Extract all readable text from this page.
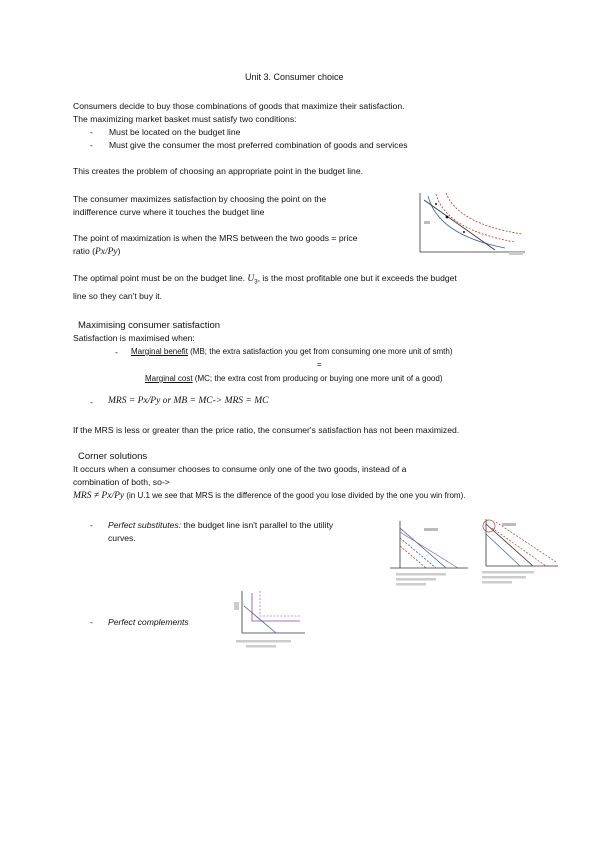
Unit 3. Consumer choice
Consumers decide to buy those combinations of goods that maximize their satisfaction.
The maximizing market basket must satisfy two conditions:
- Must be located on the budget line
- Must give the consumer the most preferred combination of goods and services
This creates the problem of choosing an appropriate point in the budget line.
The consumer maximizes satisfaction by choosing the point on the
indifference curve where it touches the budget line
The point of maximization is when the MRS between the two goods = price
ratio (Px/Py)
The optimal point must be on the budget line. $U_3$, is the most profitable one but it exceeds the budget
line so they can't buy it.
Maximising consumer satisfaction
Satisfaction is maximised when:
- Marginal benefit (MB; the extra satisfaction you get from consuming one more unit of smth)
=
Marginal cost (MC; the extra cost from producing or buying one more unit of a good)
- MRS = Px/Py or MB = MC-> MRS = MC
If the MRS is less or greater than the price ratio, the consumer's satisfaction has not been maximized.
Corner solutions
It occurs when a consumer chooses to consume only one of the two goods, instead of a
combination of both, so->
MRS ≠ Px/Py (in U.1 we see that MRS is the difference of the good you lose divided by the one you win from).
- Perfect substitutes: the budget line isn't parallel to the utility
curves.
- Perfect complements
